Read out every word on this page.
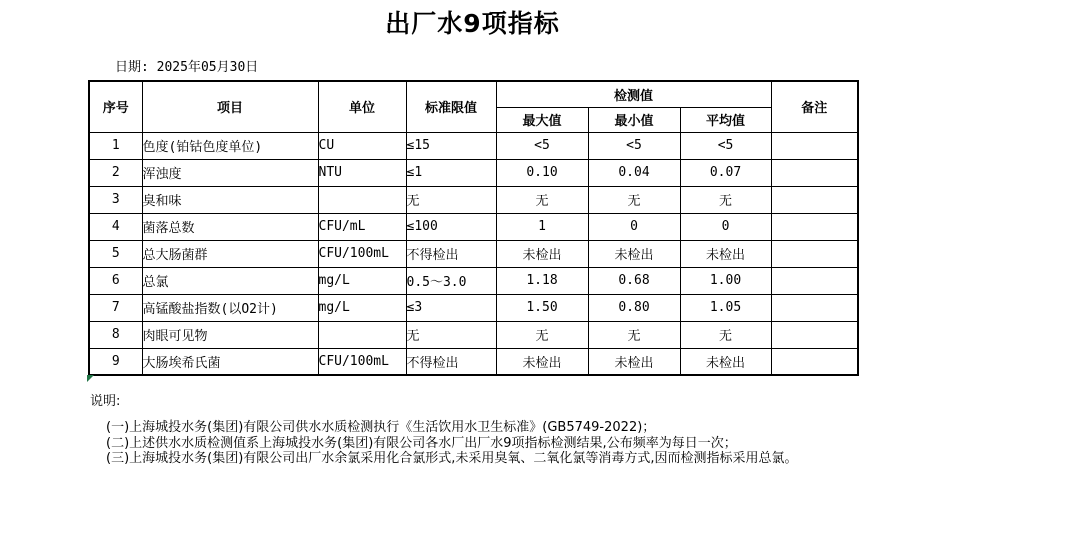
出厂水9项指标
日期: 2025年05月30日
序号	项目	单位	标准限值	检测值			备注
				最大值	最小值	平均值	
1	色度(铂钴色度单位)	CU	≤15	<5	<5	<5	
2	浑浊度	NTU	≤1	0.10	0.04	0.07	
3	臭和味		无	无	无	无	
4	菌落总数	CFU/mL	≤100	1	0	0	
5	总大肠菌群	CFU/100mL	不得检出	未检出	未检出	未检出	
6	总氯	mg/L	0.5～3.0	1.18	0.68	1.00	
7	高锰酸盐指数(以O2计)	mg/L	≤3	1.50	0.80	1.05	
8	肉眼可见物		无	无	无	无	
9	大肠埃希氏菌	CFU/100mL	不得检出	未检出	未检出	未检出	
说明:
(一)上海城投水务(集团)有限公司供水水质检测执行《生活饮用水卫生标准》(GB5749-2022)；
(二)上述供水水质检测值系上海城投水务(集团)有限公司各水厂出厂水9项指标检测结果,公布频率为每日一次；
(三)上海城投水务(集团)有限公司出厂水余氯采用化合氯形式,未采用臭氧、二氧化氯等消毒方式,因而检测指标采用总氯。
